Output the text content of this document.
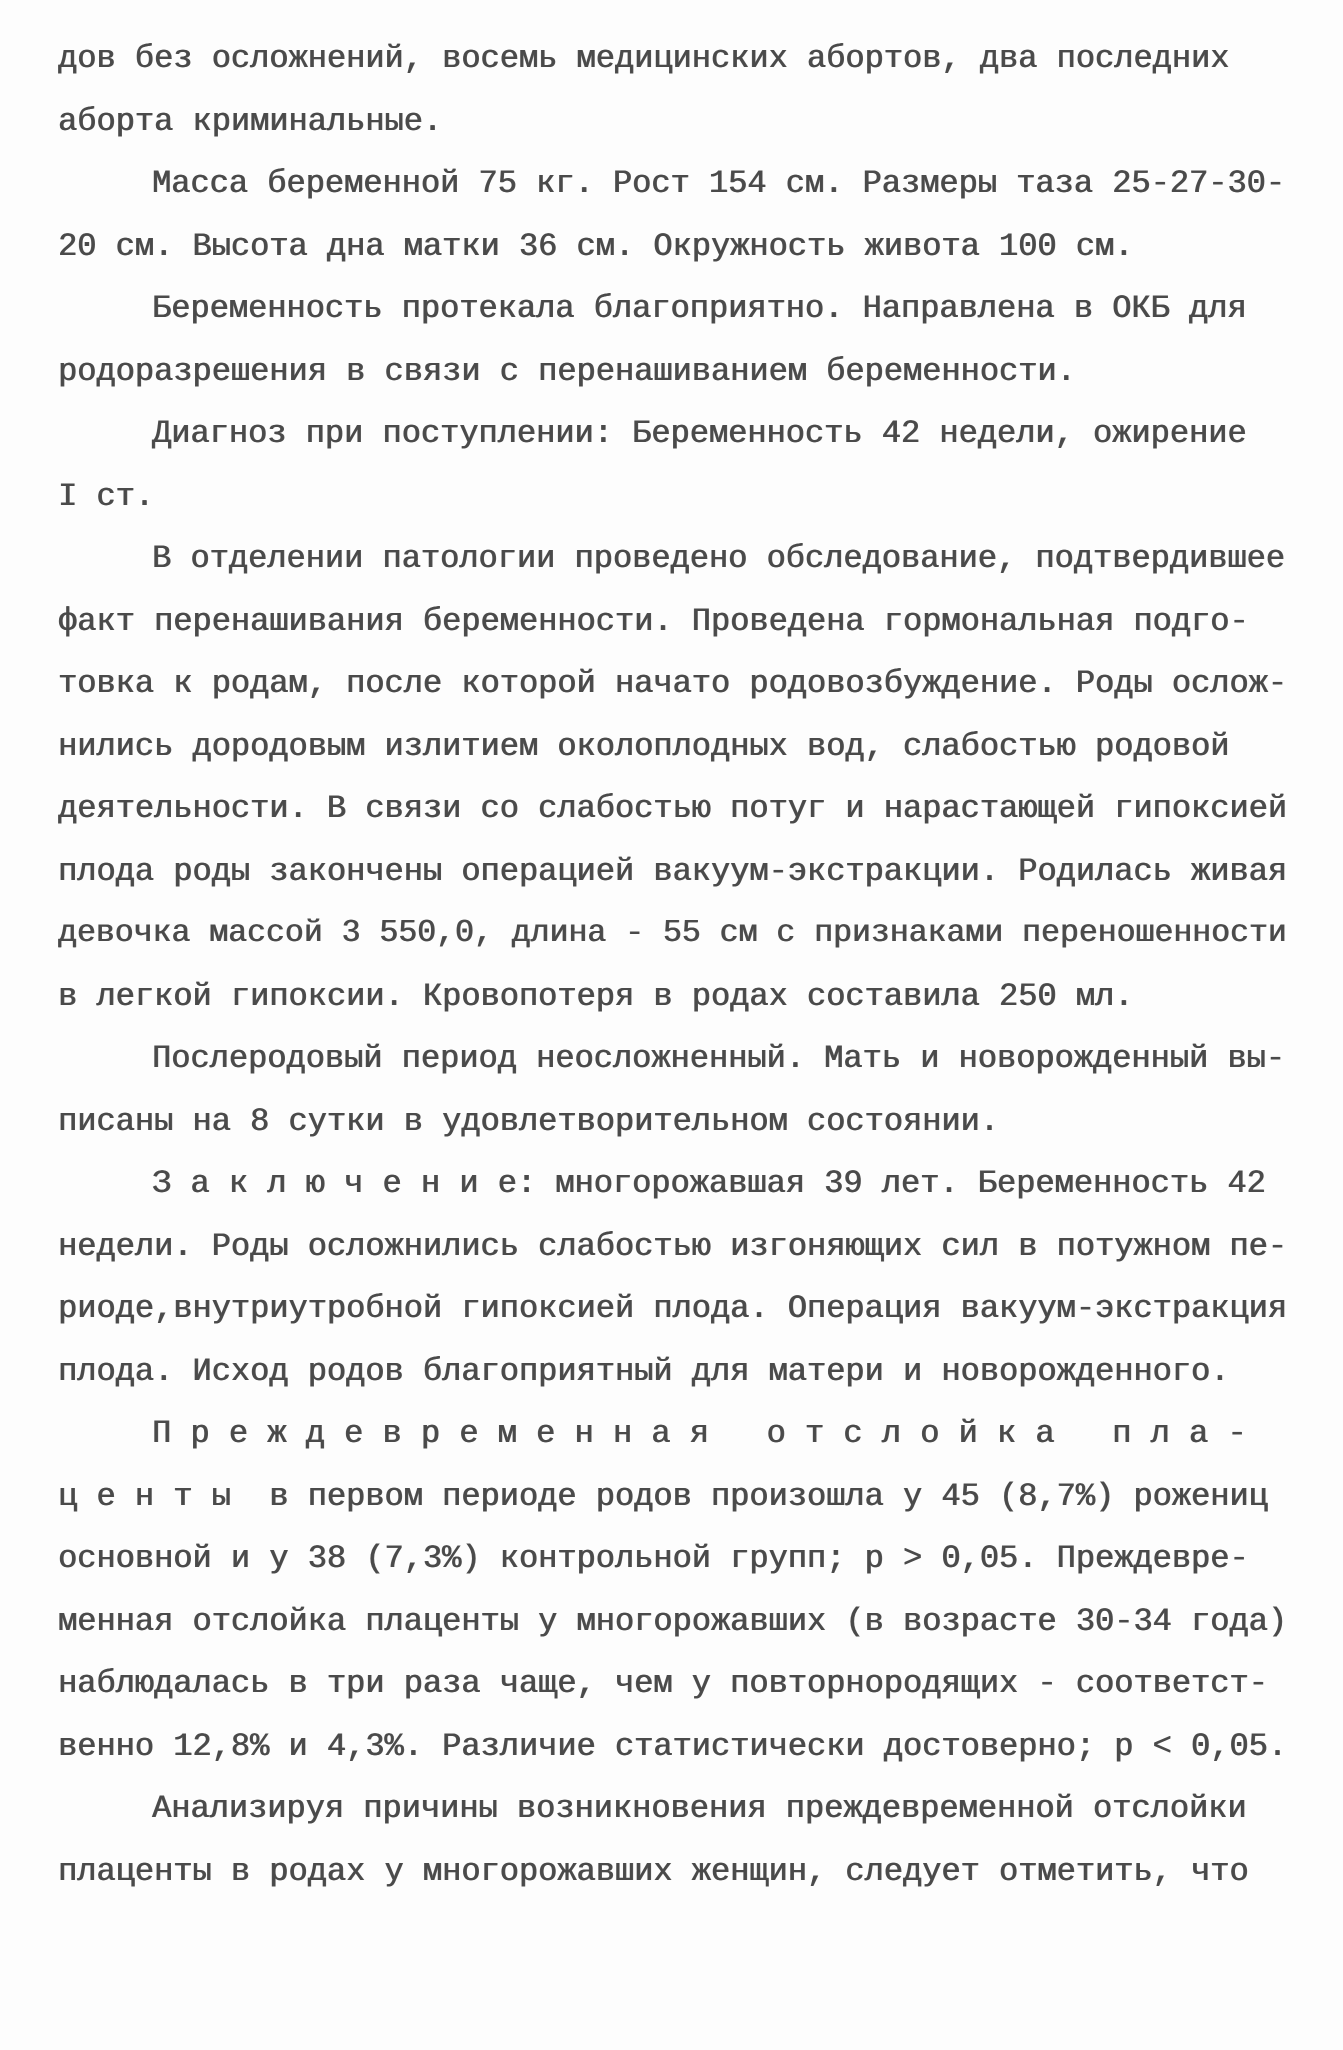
дов без осложнений, восемь медицинских абортов, два последних
аборта криминальные.
Масса беременной 75 кг. Рост 154 см. Размеры таза 25-27-30-
20 см. Высота дна матки 36 см. Окружность живота 100 см.
Беременность протекала благоприятно. Направлена в ОКБ для
родоразрешения в связи с перенашиванием беременности.
Диагноз при поступлении: Беременность 42 недели, ожирение
I ст.
В отделении патологии проведено обследование, подтвердившее
факт перенашивания беременности. Проведена гормональная подго-
товка к родам, после которой начато родовозбуждение. Роды ослож-
нились дородовым излитием околоплодных вод, слабостью родовой
деятельности. В связи со слабостью потуг и нарастающей гипоксией
плода роды закончены операцией вакуум-экстракции. Родилась живая
девочка массой 3 550,0, длина - 55 см с признаками переношенности
в легкой гипоксии. Кровопотеря в родах составила 250 мл.
Послеродовый период неосложненный. Мать и новорожденный вы-
писаны на 8 сутки в удовлетворительном состоянии.
З а к л ю ч е н и е: многорожавшая 39 лет. Беременность 42
недели. Роды осложнились слабостью изгоняющих сил в потужном пе-
риоде,внутриутробной гипоксией плода. Операция вакуум-экстракция
плода. Исход родов благоприятный для матери и новорожденного.
П р е ж д е в р е м е н н а я   о т с л о й к а   п л а -
ц е н т ы  в первом периоде родов произошла у 45 (8,7%) рожениц
основной и у 38 (7,3%) контрольной групп; р > 0,05. Преждевре-
менная отслойка плаценты у многорожавших (в возрасте 30-34 года)
наблюдалась в три раза чаще, чем у повторнородящих - соответст-
венно 12,8% и 4,3%. Различие статистически достоверно; р < 0,05.
Анализируя причины возникновения преждевременной отслойки
плаценты в родах у многорожавших женщин, следует отметить, что
